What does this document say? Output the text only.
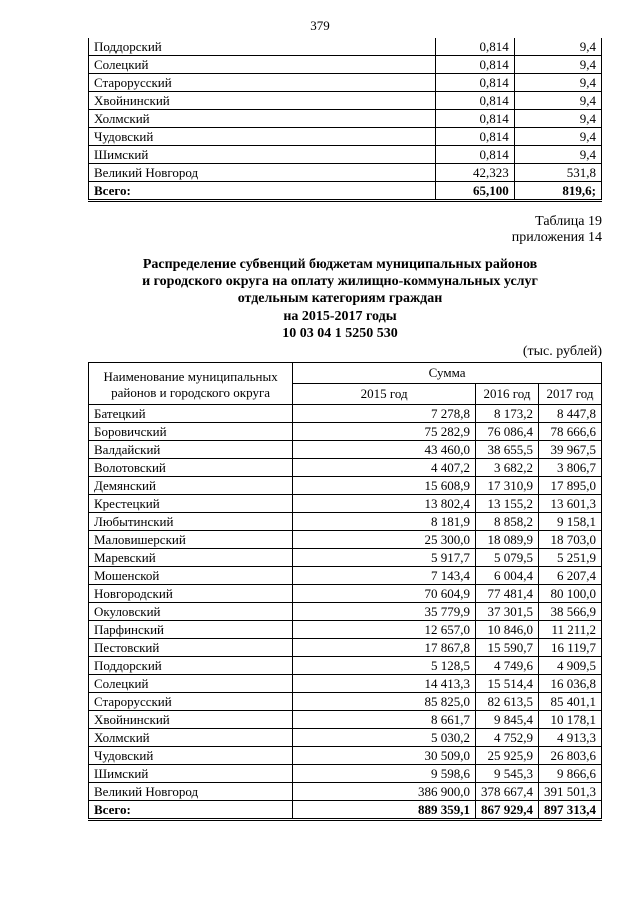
379
Поддорский	0,814	9,4
Солецкий	0,814	9,4
Старорусский	0,814	9,4
Хвойнинский	0,814	9,4
Холмский	0,814	9,4
Чудовский	0,814	9,4
Шимский	0,814	9,4
Великий Новгород	42,323	531,8
Всего:	65,100	819,6;
Таблица 19
приложения 14
Распределение субвенций бюджетам муниципальных районов
и городского округа на оплату жилищно-коммунальных услуг
отдельным категориям граждан
на 2015-2017 годы
10 03 04 1 5250 530
(тыс. рублей)
Наименование муниципальных районов и городского округа	Сумма		
	2015 год	2016 год	2017 год
Батецкий	7 278,8	8 173,2	8 447,8
Боровичский	75 282,9	76 086,4	78 666,6
Валдайский	43 460,0	38 655,5	39 967,5
Волотовский	4 407,2	3 682,2	3 806,7
Демянский	15 608,9	17 310,9	17 895,0
Крестецкий	13 802,4	13 155,2	13 601,3
Любытинский	8 181,9	8 858,2	9 158,1
Маловишерский	25 300,0	18 089,9	18 703,0
Маревский	5 917,7	5 079,5	5 251,9
Мошенской	7 143,4	6 004,4	6 207,4
Новгородский	70 604,9	77 481,4	80 100,0
Окуловский	35 779,9	37 301,5	38 566,9
Парфинский	12 657,0	10 846,0	11 211,2
Пестовский	17 867,8	15 590,7	16 119,7
Поддорский	5 128,5	4 749,6	4 909,5
Солецкий	14 413,3	15 514,4	16 036,8
Старорусский	85 825,0	82 613,5	85 401,1
Хвойнинский	8 661,7	9 845,4	10 178,1
Холмский	5 030,2	4 752,9	4 913,3
Чудовский	30 509,0	25 925,9	26 803,6
Шимский	9 598,6	9 545,3	9 866,6
Великий Новгород	386 900,0	378 667,4	391 501,3
Всего:	889 359,1	867 929,4	897 313,4
